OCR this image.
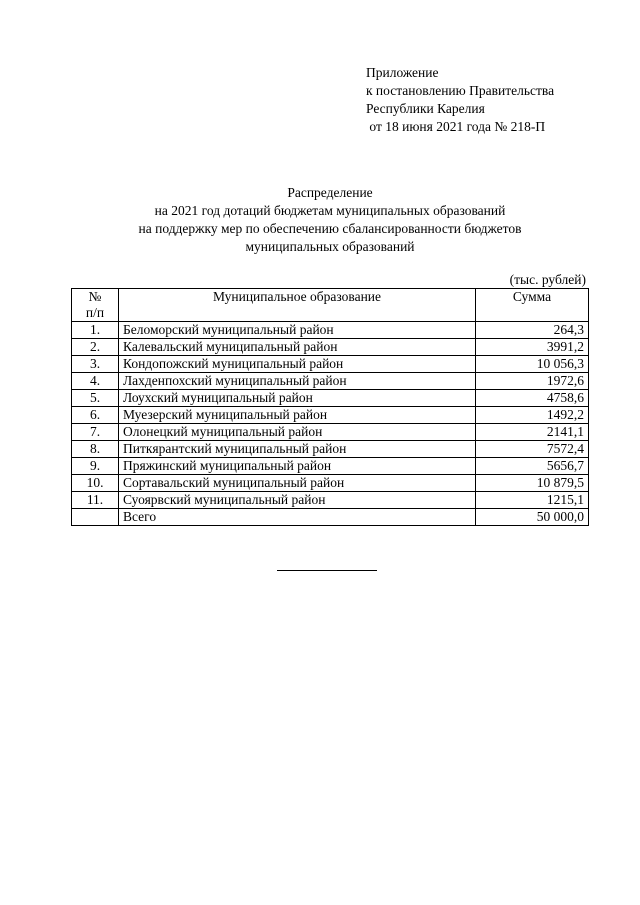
Приложение
к постановлению Правительства
Республики Карелия
от 18 июня 2021 года № 218-П
Распределение
на 2021 год дотаций бюджетам муниципальных образований
на поддержку мер по обеспечению сбалансированности бюджетов
муниципальных образований
(тыс. рублей)
№
п/п	Муниципальное образование	Сумма
1.	Беломорский муниципальный район	264,3
2.	Калевальский муниципальный район	3991,2
3.	Кондопожский муниципальный район	10 056,3
4.	Лахденпохский муниципальный район	1972,6
5.	Лоухский муниципальный район	4758,6
6.	Муезерский муниципальный район	1492,2
7.	Олонецкий муниципальный район	2141,1
8.	Питкярантский муниципальный район	7572,4
9.	Пряжинский муниципальный район	5656,7
10.	Сортавальский муниципальный район	10 879,5
11.	Суоярвский муниципальный район	1215,1
	Всего	50 000,0
